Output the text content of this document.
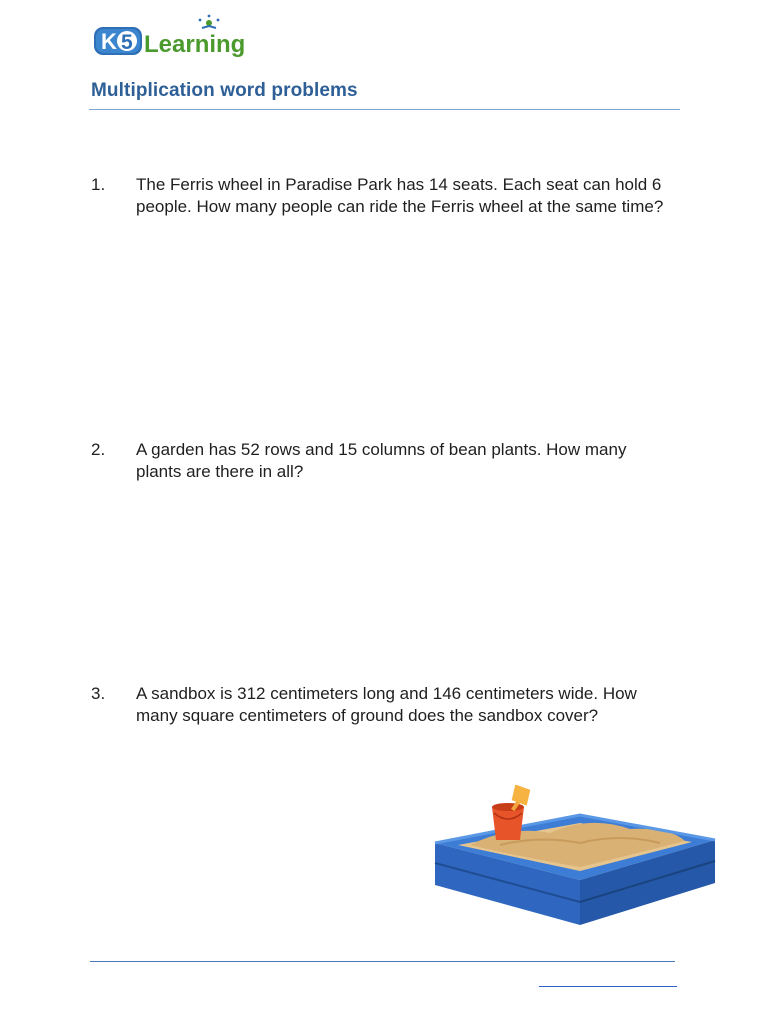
K 5 Learning
Multiplication word problems
1.	The Ferris wheel in Paradise Park has 14 seats. Each seat can hold 6 people. How many people can ride the Ferris wheel at the same time?
2.	A garden has 52 rows and 15 columns of bean plants. How many plants are there in all?
3.	A sandbox is 312 centimeters long and 146 centimeters wide. How many square centimeters of ground does the sandbox cover?
